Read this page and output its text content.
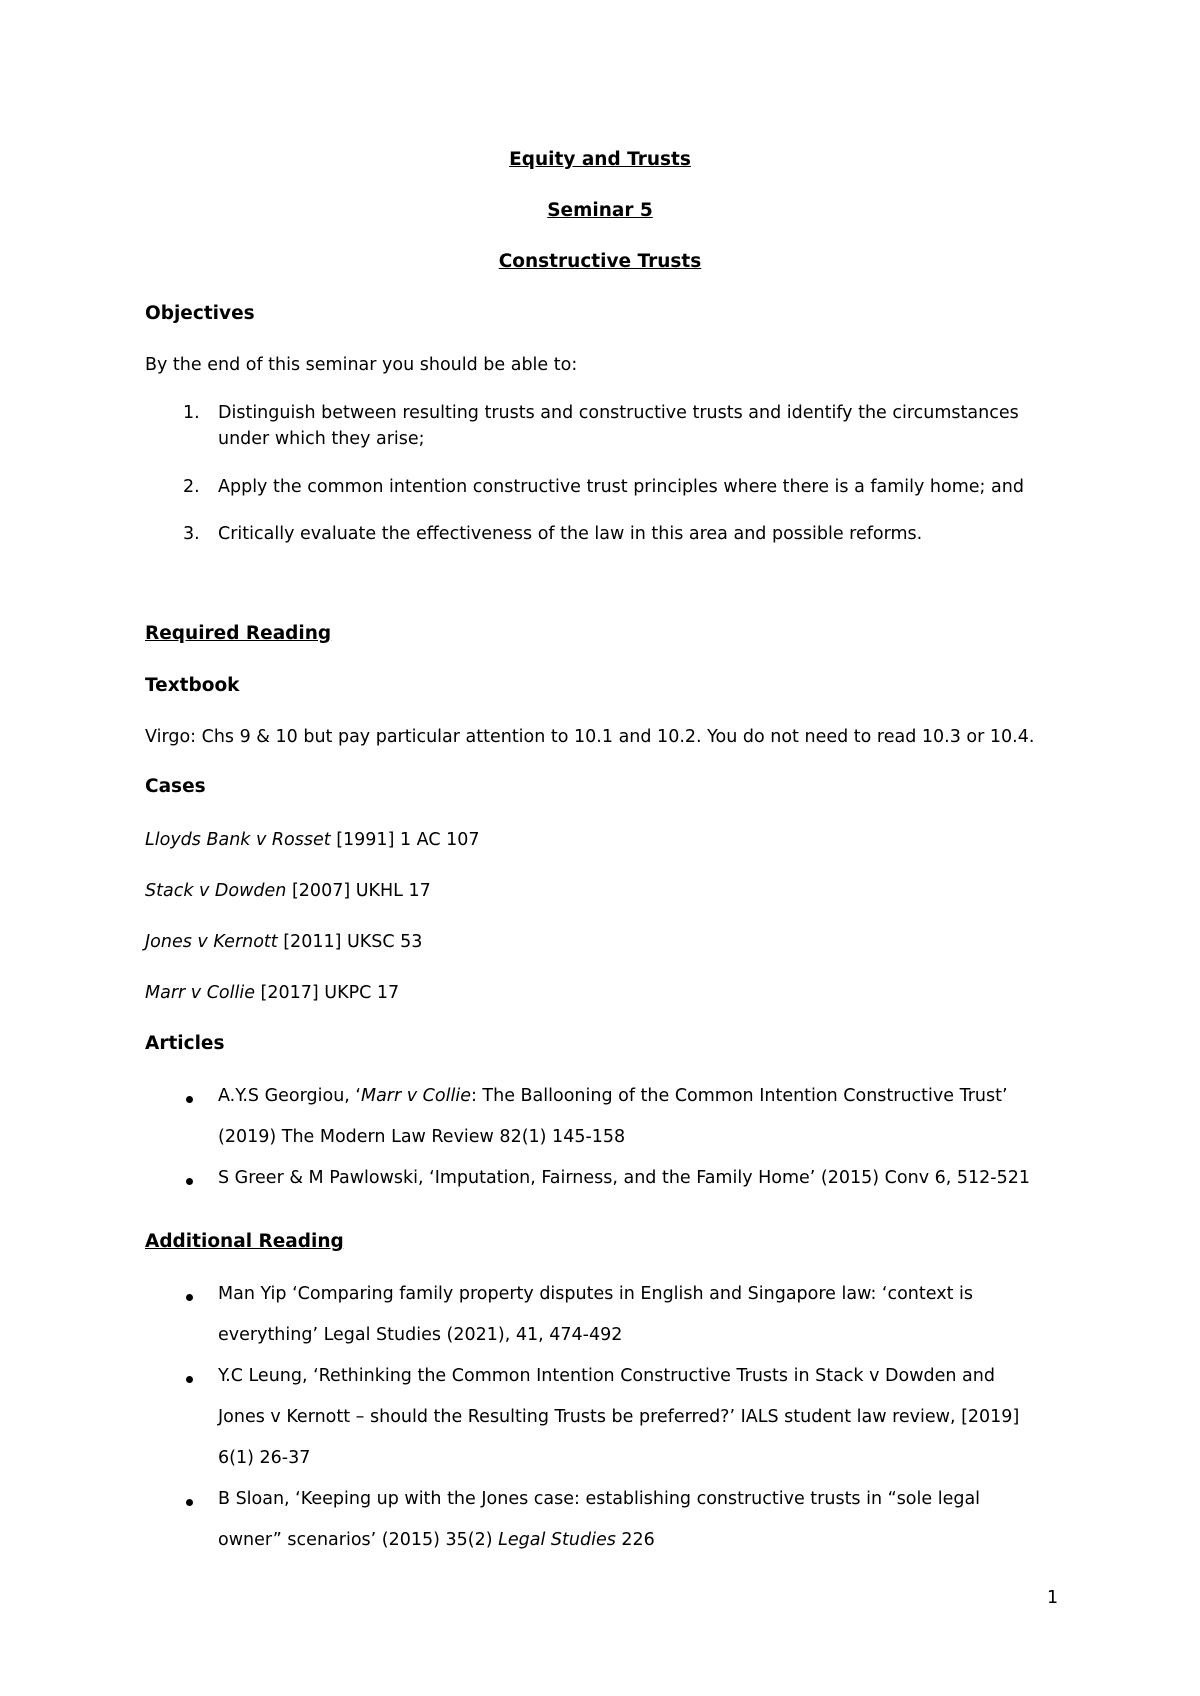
Equity and Trusts
Seminar 5
Constructive Trusts
Objectives
By the end of this seminar you should be able to:
1. Distinguish between resulting trusts and constructive trusts and identify the circumstances
under which they arise;
2. Apply the common intention constructive trust principles where there is a family home; and
3. Critically evaluate the effectiveness of the law in this area and possible reforms.
Required Reading
Textbook
Virgo: Chs 9 & 10 but pay particular attention to 10.1 and 10.2. You do not need to read 10.3 or 10.4.
Cases
Lloyds Bank v Rosset [1991] 1 AC 107
Stack v Dowden [2007] UKHL 17
Jones v Kernott [2011] UKSC 53
Marr v Collie [2017] UKPC 17
Articles
A.Y.S Georgiou, ‘Marr v Collie: The Ballooning of the Common Intention Constructive Trust’
(2019) The Modern Law Review 82(1) 145-158
S Greer & M Pawlowski, ‘Imputation, Fairness, and the Family Home’ (2015) Conv 6, 512-521
Additional Reading
Man Yip ‘Comparing family property disputes in English and Singapore law: ‘context is
everything’ Legal Studies (2021), 41, 474-492
Y.C Leung, ‘Rethinking the Common Intention Constructive Trusts in Stack v Dowden and
Jones v Kernott – should the Resulting Trusts be preferred?’ IALS student law review, [2019]
6(1) 26-37
B Sloan, ‘Keeping up with the Jones case: establishing constructive trusts in “sole legal
owner” scenarios’ (2015) 35(2) Legal Studies 226
1
